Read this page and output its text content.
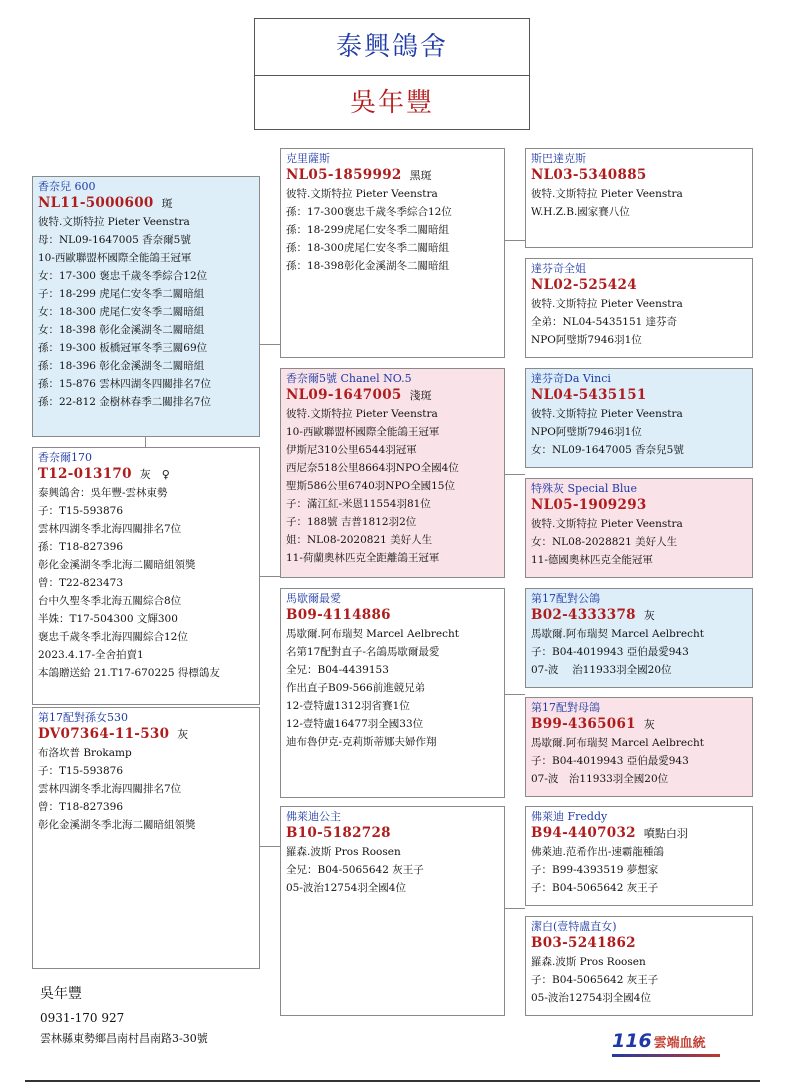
泰興鴿舍
吳年豐
香奈兒 600
NL11-5000600 斑
彼特.文斯特拉 Pieter Veenstra
母：NL09-1647005 香奈爾5號
10-西歐聯盟杯國際全能鴿王冠軍
女：17-300 褒忠千歲冬季綜合12位
子：18-299 虎尾仁安冬季二關暗組
女：18-300 虎尾仁安冬季二關暗組
女：18-398 彰化金溪湖冬二關暗組
孫：19-300 板橋冠軍冬季三關69位
孫：18-396 彰化金溪湖冬二關暗組
孫：15-876 雲林四湖冬四關排名7位
孫：22-812 金樹林春季二關排名7位
香奈爾170
T12-013170 灰　♀
泰興鴿舍：吳年豐-雲林東勢
子：T15-593876
雲林四湖冬季北海四關排名7位
孫：T18-827396
彰化金溪湖冬季北海二關暗組領獎
曾：T22-823473
台中久聖冬季北海五關綜合8位
半姝：T17-504300 文輝300
褒忠千歲冬季北海四關綜合12位
2023.4.17-全舍拍賣1
本鴿贈送給 21.T17-670225 得標鴿友
第17配對孫女530
DV07364-11-530 灰
布洛坎普 Brokamp
子：T15-593876
雲林四湖冬季北海四關排名7位
曾：T18-827396
彰化金溪湖冬季北海二關暗組領獎
克里薩斯
NL05-1859992 黑斑
彼特.文斯特拉 Pieter Veenstra
孫：17-300褒忠千歲冬季綜合12位
孫：18-299虎尾仁安冬季二關暗組
孫：18-300虎尾仁安冬季二關暗組
孫：18-398彰化金溪湖冬二關暗組
香奈爾5號 Chanel NO.5
NL09-1647005 淺斑
彼特.文斯特拉 Pieter Veenstra
10-西歐聯盟杯國際全能鴿王冠軍
伊斯尼310公里6544羽冠軍
西尼奈518公里8664羽NPO全國4位
聖斯586公里6740羽NPO全國15位
子：滿江紅-米恩11554羽81位
子：188號 吉普1812羽2位
姐：NL08-2020821 美好人生
11-荷蘭奧林匹克全距離鴿王冠軍
馬歇爾最愛
B09-4114886
馬歇爾.阿布瑞契 Marcel Aelbrecht
名第17配對直子-名鴿馬歇爾最愛
全兄：B04-4439153
作出直子B09-566前進競兄弟
12-壹特盧1312羽省賽1位
12-壹特盧16477羽全國33位
迪布魯伊克-克莉斯蒂娜夫婦作翔
佛萊迪公主
B10-5182728
羅森.波斯 Pros Roosen
全兄：B04-5065642 灰王子
05-波治12754羽全國4位
斯巴達克斯
NL03-5340885
彼特.文斯特拉 Pieter Veenstra
W.H.Z.B.國家賽八位
達芬奇全姐
NL02-525424
彼特.文斯特拉 Pieter Veenstra
全弟：NL04-5435151 達芬奇
NPO阿璧斯7946羽1位
達芬奇Da Vinci
NL04-5435151
彼特.文斯特拉 Pieter Veenstra
NPO阿璧斯7946羽1位
女：NL09-1647005 香奈兒5號
特殊灰 Special Blue
NL05-1909293
彼特.文斯特拉 Pieter Veenstra
女：NL08-2028821 美好人生
11-德國奧林匹克全能冠軍
第17配對公鴿
B02-4333378 灰
馬歇爾.阿布瑞契 Marcel Aelbrecht
子：B04-4019943 亞伯最愛943
07-波　 治11933羽全國20位
第17配對母鴿
B99-4365061 灰
馬歇爾.阿布瑞契 Marcel Aelbrecht
子：B04-4019943 亞伯最愛943
07-波　治11933羽全國20位
佛萊迪 Freddy
B94-4407032 噴點白羽
佛萊迪.范希作出-速霸龍種鴿
子：B99-4393519 夢想家
子：B04-5065642 灰王子
潔白(壹特盧直女)
B03-5241862
羅森.波斯 Pros Roosen
子：B04-5065642 灰王子
05-波治12754羽全國4位
吳年豐
0931-170 927
雲林縣東勢鄉昌南村昌南路3-30號	116 雲端血統
